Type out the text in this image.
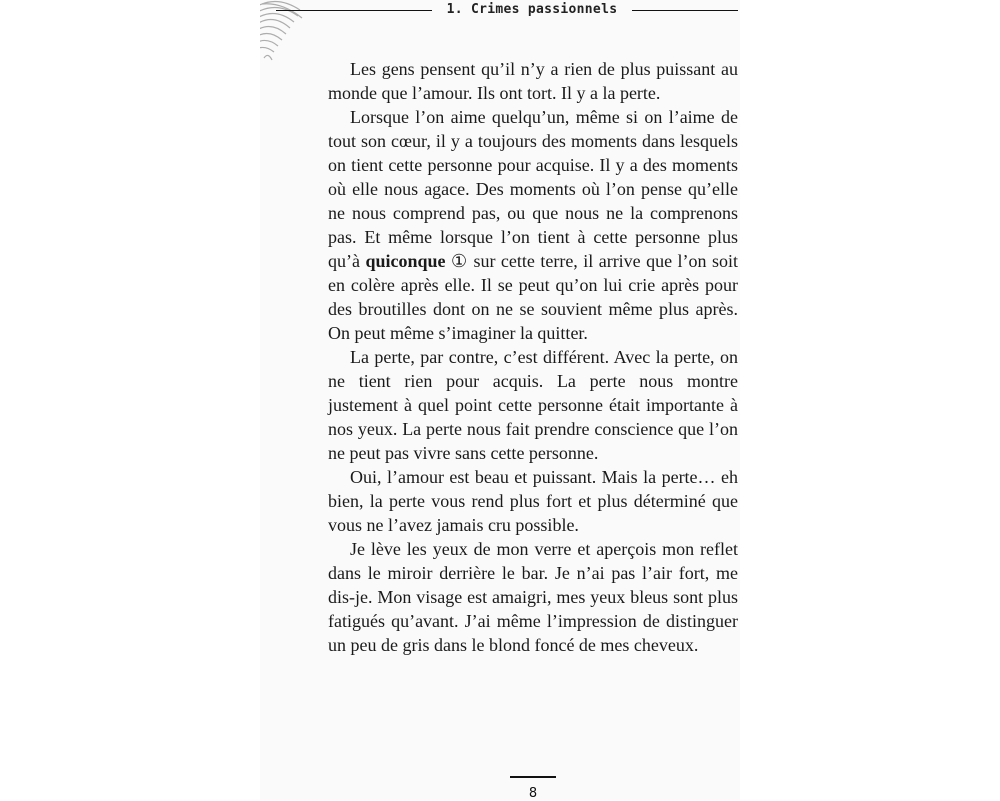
1. Crimes passionnels

Les gens pensent qu’il n’y a rien de plus puissant au monde que l’amour. Ils ont tort. Il y a la perte.

Lorsque l’on aime quelqu’un, même si on l’aime de tout son cœur, il y a toujours des moments dans lesquels on tient cette personne pour acquise. Il y a des moments où elle nous agace. Des moments où l’on pense qu’elle ne nous comprend pas, ou que nous ne la comprenons pas. Et même lorsque l’on tient à cette personne plus qu’à quiconque ① sur cette terre, il arrive que l’on soit en colère après elle. Il se peut qu’on lui crie après pour des broutilles dont on ne se souvient même plus après. On peut même s’imaginer la quitter.

La perte, par contre, c’est différent. Avec la perte, on ne tient rien pour acquis. La perte nous montre justement à quel point cette personne était importante à nos yeux. La perte nous fait prendre conscience que l’on ne peut pas vivre sans cette personne.

Oui, l’amour est beau et puissant. Mais la perte… eh bien, la perte vous rend plus fort et plus déterminé que vous ne l’avez jamais cru possible.

Je lève les yeux de mon verre et aperçois mon reflet dans le miroir derrière le bar. Je n’ai pas l’air fort, me dis-je. Mon visage est amaigri, mes yeux bleus sont plus fatigués qu’avant. J’ai même l’impression de distinguer un peu de gris dans le blond foncé de mes cheveux.

8
